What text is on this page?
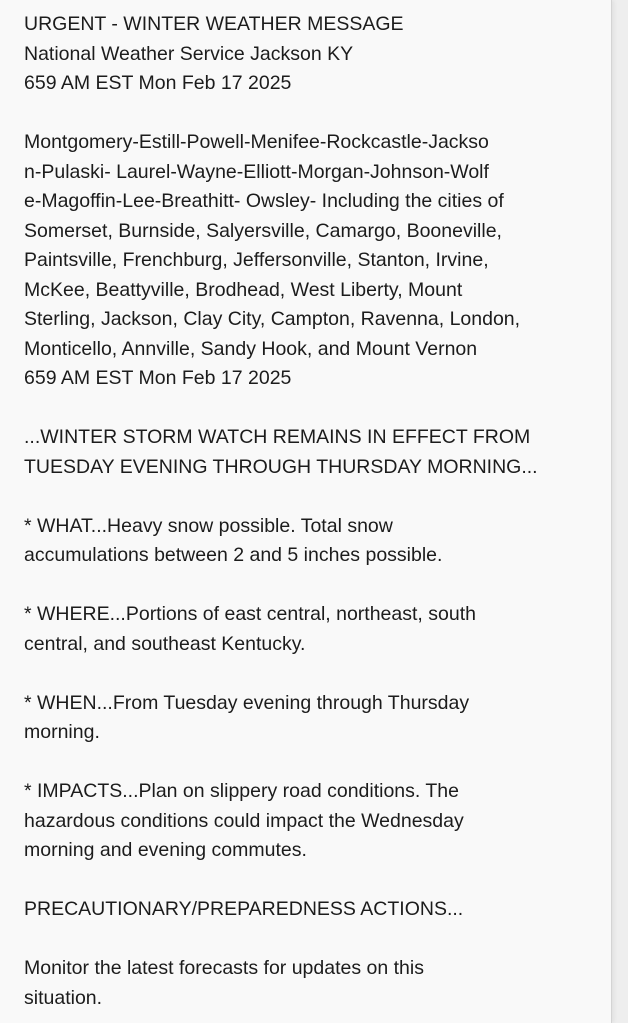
URGENT - WINTER WEATHER MESSAGE
National Weather Service Jackson KY
659 AM EST Mon Feb 17 2025
Montgomery-Estill-Powell-Menifee-Rockcastle-Jackso
n-Pulaski- Laurel-Wayne-Elliott-Morgan-Johnson-Wolf
e-Magoffin-Lee-Breathitt- Owsley- Including the cities of
Somerset, Burnside, Salyersville, Camargo, Booneville,
Paintsville, Frenchburg, Jeffersonville, Stanton, Irvine,
McKee, Beattyville, Brodhead, West Liberty, Mount
Sterling, Jackson, Clay City, Campton, Ravenna, London,
Monticello, Annville, Sandy Hook, and Mount Vernon
659 AM EST Mon Feb 17 2025
...WINTER STORM WATCH REMAINS IN EFFECT FROM
TUESDAY EVENING THROUGH THURSDAY MORNING...
* WHAT...Heavy snow possible. Total snow
accumulations between 2 and 5 inches possible.
* WHERE...Portions of east central, northeast, south
central, and southeast Kentucky.
* WHEN...From Tuesday evening through Thursday
morning.
* IMPACTS...Plan on slippery road conditions. The
hazardous conditions could impact the Wednesday
morning and evening commutes.
PRECAUTIONARY/PREPAREDNESS ACTIONS...
Monitor the latest forecasts for updates on this
situation.
